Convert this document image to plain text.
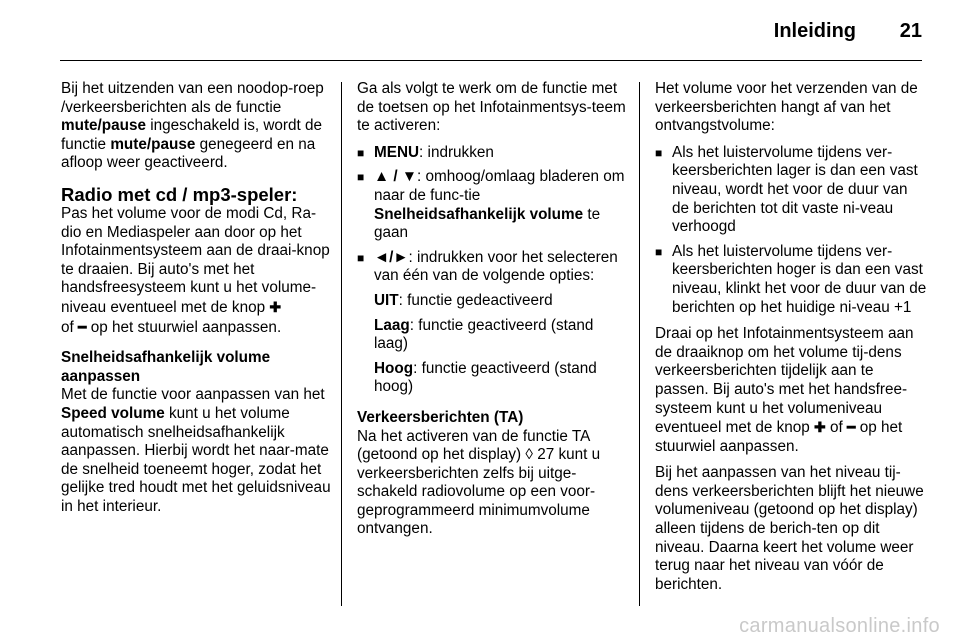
Inleiding 21

Bij het uitzenden van een noodop-roep /verkeersberichten als de functie mute/pause ingeschakeld is, wordt de functie mute/pause genegeerd en na afloop weer geactiveerd.

Radio met cd / mp3-speler:

Pas het volume voor de modi Cd, Ra-dio en Mediaspeler aan door op het Infotainmentsysteem aan de draai-knop te draaien. Bij auto's met het handsfreesysteem kunt u het volume-niveau eventueel met de knop ✚
of ━ op het stuurwiel aanpassen.

Snelheidsafhankelijk volume aanpassen

Met de functie voor aanpassen van het Speed volume kunt u het volume automatisch snelheidsafhankelijk aanpassen. Hierbij wordt het naar-mate de snelheid toeneemt hoger, zodat het gelijke tred houdt met het geluidsniveau in het interieur.

Ga als volgt te werk om de functie met de toetsen op het Infotainmentsys-teem te activeren:

■ MENU: indrukken
■ ▲ / ▼: omhoog/omlaag bladeren om naar de func-tie Snelheidsafhankelijk volume te gaan
■ ◄/►: indrukken voor het selecteren van één van de volgende opties:
UIT: functie gedeactiveerd
Laag: functie geactiveerd (stand laag)
Hoog: functie geactiveerd (stand hoog)

Verkeersberichten (TA)

Na het activeren van de functie TA (getoond op het display) ◊ 27 kunt u verkeersberichten zelfs bij uitge-schakeld radiovolume op een voor-geprogrammeerd minimumvolume ontvangen.

Het volume voor het verzenden van de verkeersberichten hangt af van het ontvangstvolume:

■ Als het luistervolume tijdens ver-keersberichten lager is dan een vast niveau, wordt het voor de duur van de berichten tot dit vaste ni-veau verhoogd
■ Als het luistervolume tijdens ver-keersberichten hoger is dan een vast niveau, klinkt het voor de duur van de berichten op het huidige ni-veau +1

Draai op het Infotainmentsysteem aan de draaiknop om het volume tij-dens verkeersberichten tijdelijk aan te passen. Bij auto's met het handsfree-systeem kunt u het volumeniveau eventueel met de knop ✚ of ━ op het stuurwiel aanpassen.

Bij het aanpassen van het niveau tij-dens verkeersberichten blijft het nieuwe volumeniveau (getoond op het display) alleen tijdens de berich-ten op dit niveau. Daarna keert het volume weer terug naar het niveau van vóór de berichten.

carmanualsonline.info
